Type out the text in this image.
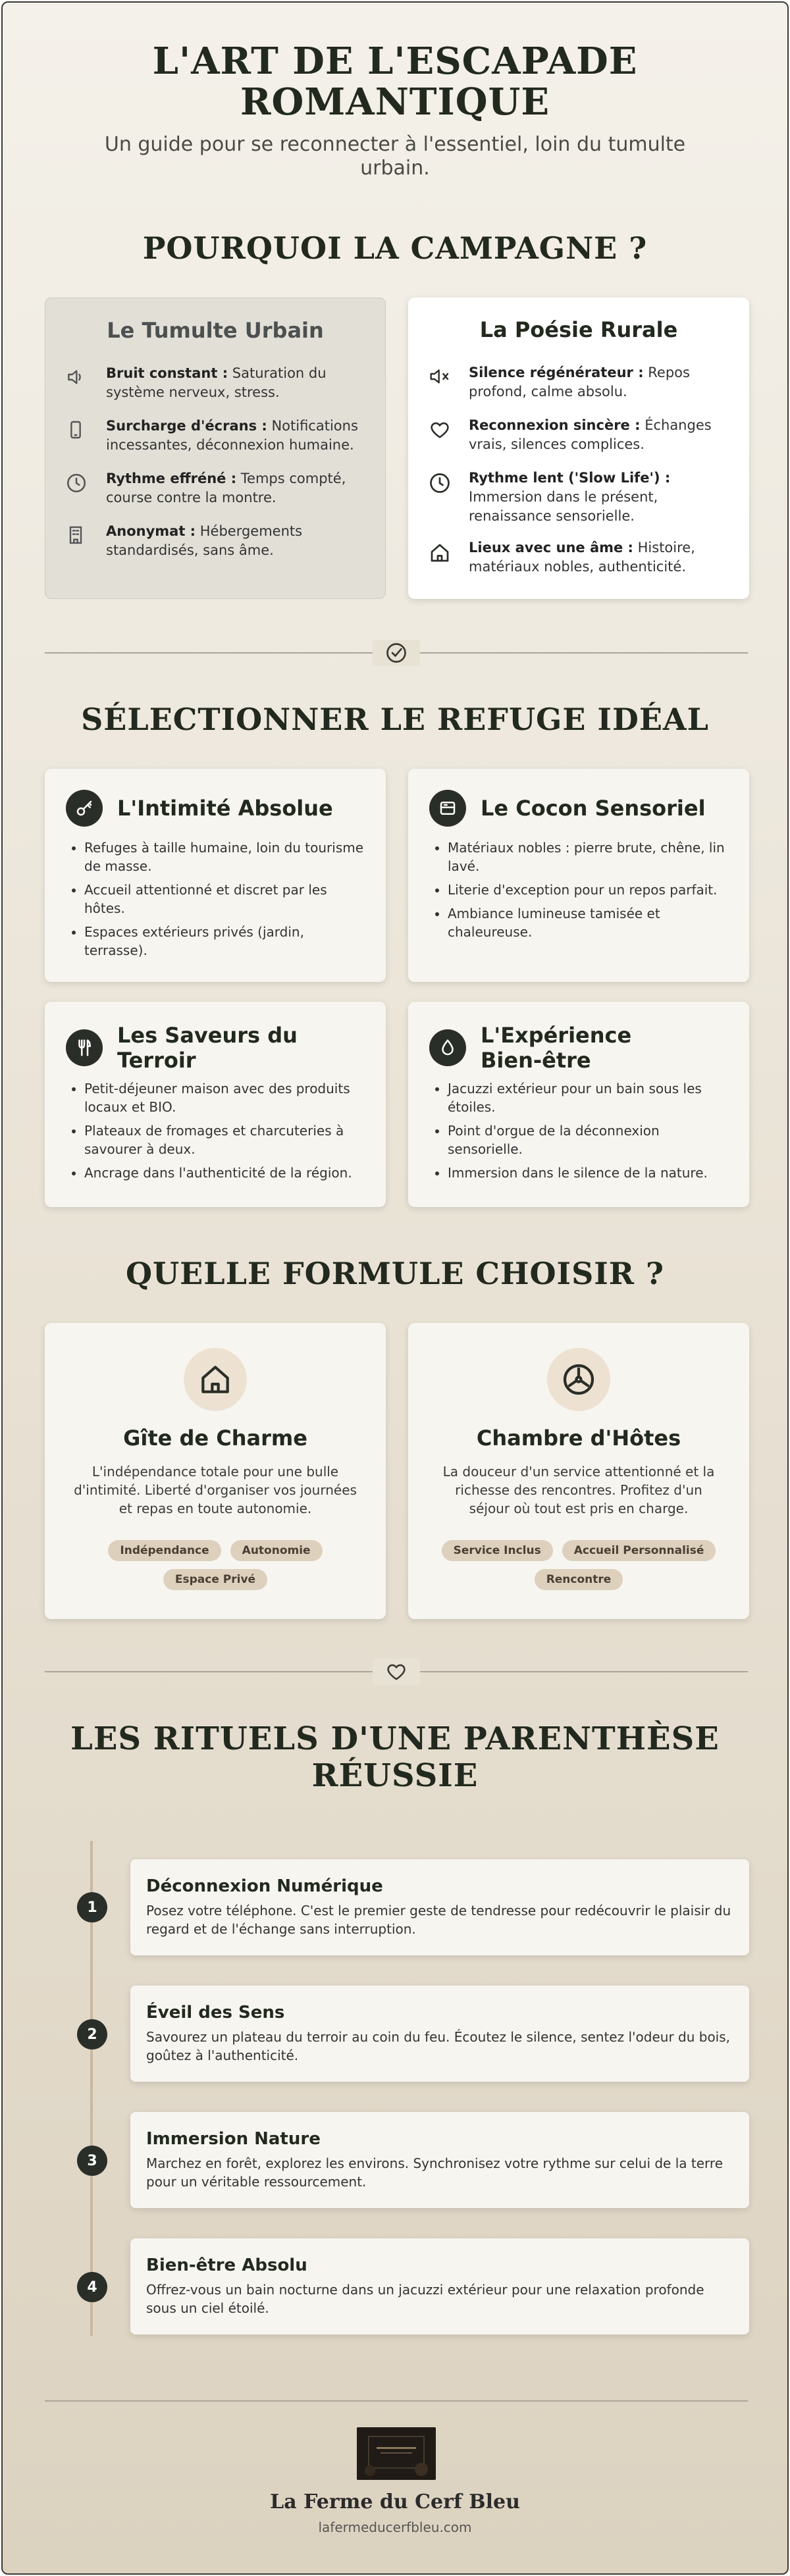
L'ART DE L'ESCAPADE ROMANTIQUE
Un guide pour se reconnecter à l'essentiel, loin du tumulte urbain.
POURQUOI LA CAMPAGNE ?
Le Tumulte Urbain
Bruit constant : Saturation du système nerveux, stress.
Surcharge d'écrans : Notifications incessantes, déconnexion humaine.
Rythme effréné : Temps compté, course contre la montre.
Anonymat : Hébergements standardisés, sans âme.
La Poésie Rurale
Silence régénérateur : Repos profond, calme absolu.
Reconnexion sincère : Échanges vrais, silences complices.
Rythme lent ('Slow Life') : Immersion dans le présent, renaissance sensorielle.
Lieux avec une âme : Histoire, matériaux nobles, authenticité.
SÉLECTIONNER LE REFUGE IDÉAL
L'Intimité Absolue
• Refuges à taille humaine, loin du tourisme de masse.
• Accueil attentionné et discret par les hôtes.
• Espaces extérieurs privés (jardin, terrasse).
Le Cocon Sensoriel
• Matériaux nobles : pierre brute, chêne, lin lavé.
• Literie d'exception pour un repos parfait.
• Ambiance lumineuse tamisée et chaleureuse.
Les Saveurs du Terroir
• Petit-déjeuner maison avec des produits locaux et BIO.
• Plateaux de fromages et charcuteries à savourer à deux.
• Ancrage dans l'authenticité de la région.
L'Expérience Bien-être
• Jacuzzi extérieur pour un bain sous les étoiles.
• Point d'orgue de la déconnexion sensorielle.
• Immersion dans le silence de la nature.
QUELLE FORMULE CHOISIR ?
Gîte de Charme
L'indépendance totale pour une bulle d'intimité. Liberté d'organiser vos journées et repas en toute autonomie.
Indépendance	Autonomie
Espace Privé
Chambre d'Hôtes
La douceur d'un service attentionné et la richesse des rencontres. Profitez d'un séjour où tout est pris en charge.
Service Inclus	Accueil Personnalisé
Rencontre
LES RITUELS D'UNE PARENTHÈSE RÉUSSIE
1
Déconnexion Numérique
Posez votre téléphone. C'est le premier geste de tendresse pour redécouvrir le plaisir du regard et de l'échange sans interruption.
2
Éveil des Sens
Savourez un plateau du terroir au coin du feu. Écoutez le silence, sentez l'odeur du bois, goûtez à l'authenticité.
3
Immersion Nature
Marchez en forêt, explorez les environs. Synchronisez votre rythme sur celui de la terre pour un véritable ressourcement.
4
Bien-être Absolu
Offrez-vous un bain nocturne dans un jacuzzi extérieur pour une relaxation profonde sous un ciel étoilé.
La Ferme du Cerf Bleu
lafermeducerfbleu.com
